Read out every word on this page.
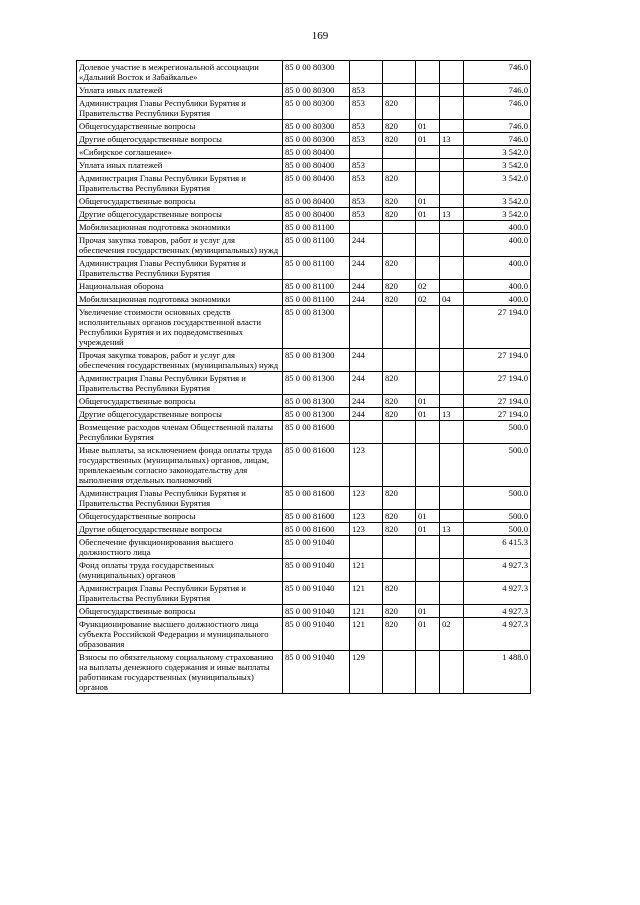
169
Долевое участие в межрегиональной ассоциации «Дальний Восток и Забайкалье»	85 0 00 80300					746.0
Уплата иных платежей	85 0 00 80300	853				746.0
Администрация Главы Республики Бурятия и Правительства Республики Бурятия	85 0 00 80300	853	820			746.0
Общегосударственные вопросы	85 0 00 80300	853	820	01		746.0
Другие общегосударственные вопросы	85 0 00 80300	853	820	01	13	746.0
«Сибирское соглашение»	85 0 00 80400					3 542.0
Уплата иных платежей	85 0 00 80400	853				3 542.0
Администрация Главы Республики Бурятия и Правительства Республики Бурятия	85 0 00 80400	853	820			3 542.0
Общегосударственные вопросы	85 0 00 80400	853	820	01		3 542.0
Другие общегосударственные вопросы	85 0 00 80400	853	820	01	13	3 542.0
Мобилизационная подготовка экономики	85 0 00 81100					400.0
Прочая закупка товаров, работ и услуг для обеспечения государственных (муниципальных) нужд	85 0 00 81100	244				400.0
Администрация Главы Республики Бурятия и Правительства Республики Бурятия	85 0 00 81100	244	820			400.0
Национальная оборона	85 0 00 81100	244	820	02		400.0
Мобилизационная подготовка экономики	85 0 00 81100	244	820	02	04	400.0
Увеличение стоимости основных средств исполнительных органов государственной власти Республики Бурятия и их подведомственных учреждений	85 0 00 81300					27 194.0
Прочая закупка товаров, работ и услуг для обеспечения государственных (муниципальных) нужд	85 0 00 81300	244				27 194.0
Администрация Главы Республики Бурятия и Правительства Республики Бурятия	85 0 00 81300	244	820			27 194.0
Общегосударственные вопросы	85 0 00 81300	244	820	01		27 194.0
Другие общегосударственные вопросы	85 0 00 81300	244	820	01	13	27 194.0
Возмещение расходов членам Общественной палаты Республики Бурятия	85 0 00 81600					500.0
Иные выплаты, за исключением фонда оплаты труда государственных (муниципальных) органов, лицам, привлекаемым согласно законодательству для выполнения отдельных полномочий	85 0 00 81600	123				500.0
Администрация Главы Республики Бурятия и Правительства Республики Бурятия	85 0 00 81600	123	820			500.0
Общегосударственные вопросы	85 0 00 81600	123	820	01		500.0
Другие общегосударственные вопросы	85 0 00 81600	123	820	01	13	500.0
Обеспечение функционирования высшего должностного лица	85 0 00 91040					6 415.3
Фонд оплаты труда государственных (муниципальных) органов	85 0 00 91040	121				4 927.3
Администрация Главы Республики Бурятия и Правительства Республики Бурятия	85 0 00 91040	121	820			4 927.3
Общегосударственные вопросы	85 0 00 91040	121	820	01		4 927.3
Функционирование высшего должностного лица субъекта Российской Федерации и муниципального образования	85 0 00 91040	121	820	01	02	4 927.3
Взносы по обязательному социальному страхованию на выплаты денежного содержания и иные выплаты работникам государственных (муниципальных) органов	85 0 00 91040	129				1 488.0
